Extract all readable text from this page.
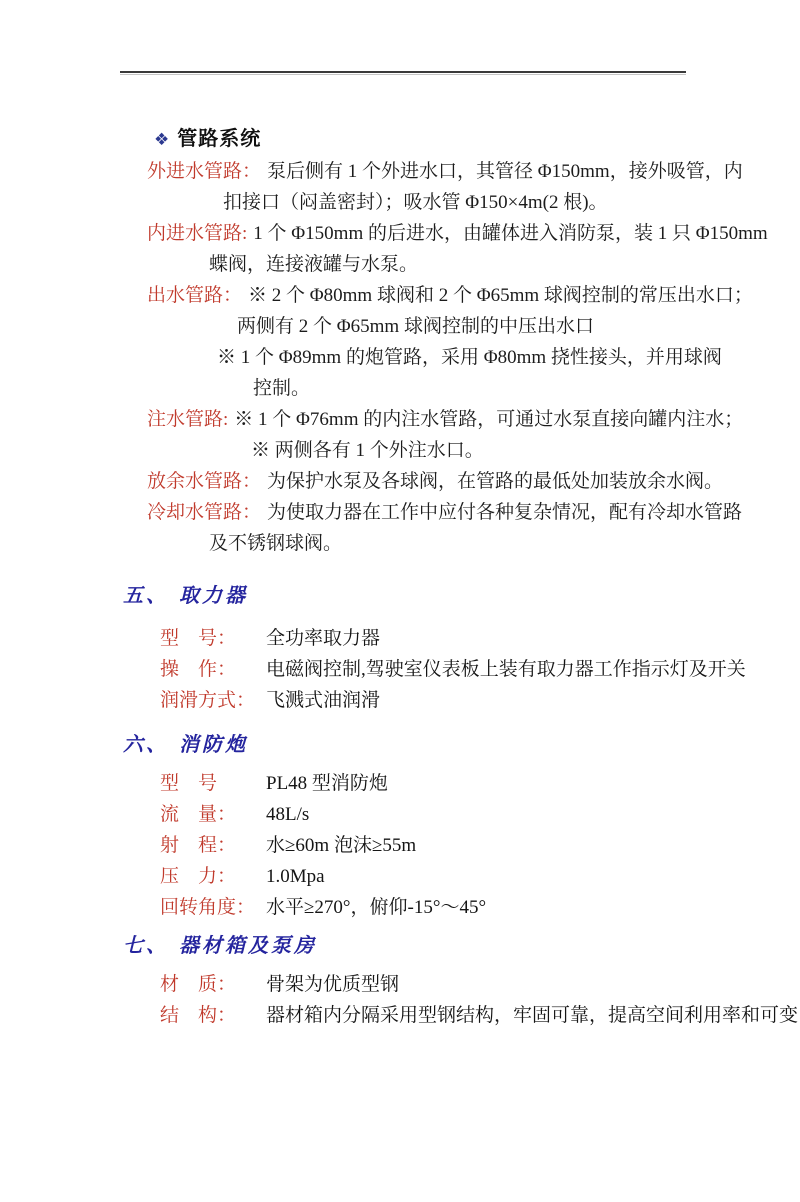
❖ 管路系统
外进水管路： 泵后侧有 1 个外进水口，其管径 Φ150mm，接外吸管，内
扣接口（闷盖密封）；吸水管 Φ150×4m(2 根)。
内进水管路: 1 个 Φ150mm 的后进水，由罐体进入消防泵，装 1 只 Φ150mm
蝶阀，连接液罐与水泵。
出水管路： ※ 2 个 Φ80mm 球阀和 2 个 Φ65mm 球阀控制的常压出水口；
两侧有 2 个 Φ65mm 球阀控制的中压出水口
※ 1 个 Φ89mm 的炮管路，采用 Φ80mm 挠性接头，并用球阀
控制。
注水管路: ※ 1 个 Φ76mm 的内注水管路，可通过水泵直接向罐内注水；
※ 两侧各有 1 个外注水口。
放余水管路： 为保护水泵及各球阀，在管路的最低处加装放余水阀。
冷却水管路： 为使取力器在工作中应付各种复杂情况，配有冷却水管路
及不锈钢球阀。
五、 取力器
型　号： 全功率取力器
操　作： 电磁阀控制,驾驶室仪表板上装有取力器工作指示灯及开关
润滑方式： 飞溅式油润滑
六、 消防炮
型　号	PL48 型消防炮
流　量： 48L/s
射　程： 水≥60m 泡沫≥55m
压　力： 1.0Mpa
回转角度： 水平≥270°，俯仰-15°～45°
七、 器材箱及泵房
材　质： 骨架为优质型钢
结　构： 器材箱内分隔采用型钢结构，牢固可靠，提高空间利用率和可变
